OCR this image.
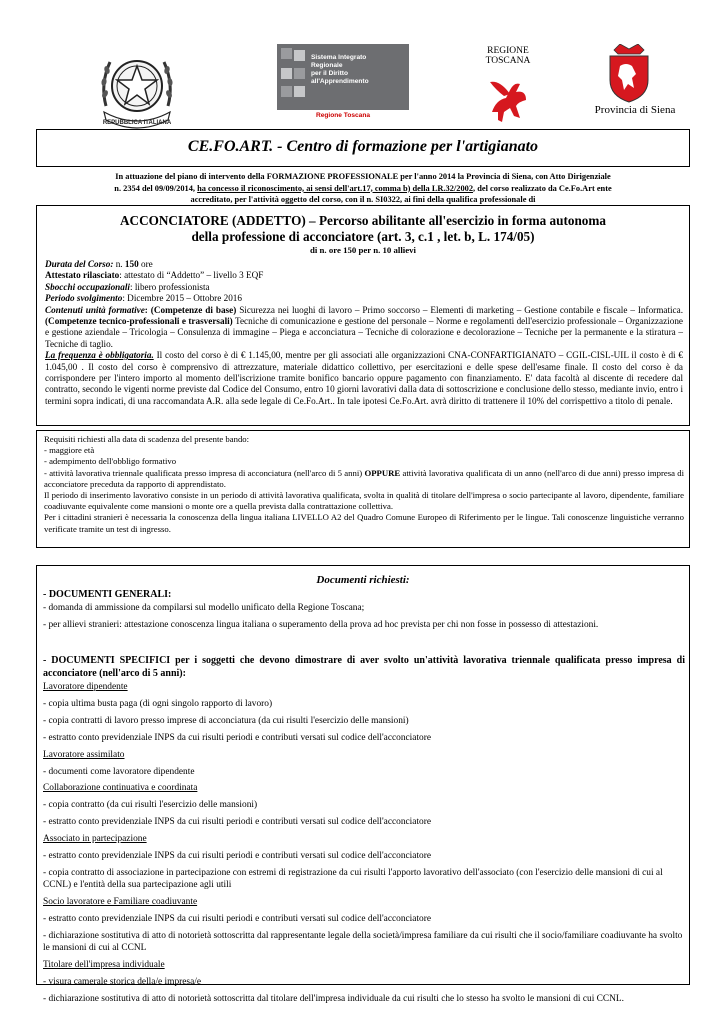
REPUBBLICA ITALIANA

Sistema Integrato
Regionale
per il Diritto
all'Apprendimento
Regione Toscana
REGIONE
TOSCANA
Provincia di Siena
CE.FO.ART. - Centro di formazione per l'artigianato
In attuazione del piano di intervento della FORMAZIONE PROFESSIONALE per l'anno 2014 la Provincia di Siena, con Atto Dirigenziale
n. 2354 del 09/09/2014, ha concesso il riconoscimento, ai sensi dell'art.17, comma b) della LR.32/2002, del corso realizzato da Ce.Fo.Art ente
accreditato, per l'attività oggetto del corso, con il n. SI0322, ai fini della qualifica professionale di
ACCONCIATORE (ADDETTO) – Percorso abilitante all'esercizio in forma autonoma
della professione di acconciatore (art. 3, c.1 , let. b, L. 174/05)
di n. ore 150 per n. 10 allievi
Durata del Corso: n. 150 ore
Attestato rilasciato: attestato di “Addetto” – livello 3 EQF
Sbocchi occupazionali: libero professionista
Periodo svolgimento: Dicembre 2015 – Ottobre 2016
Contenuti unità formative: (Competenze di base) Sicurezza nei luoghi di lavoro – Primo soccorso – Elementi di marketing – Gestione contabile e fiscale – Informatica. (Competenze tecnico-professionali e trasversali) Tecniche di comunicazione e gestione del personale – Norme e regolamenti dell'esercizio professionale – Organizzazione e gestione aziendale – Tricologia – Consulenza di immagine – Piega e acconciatura – Tecniche di colorazione e decolorazione – Tecniche per la permanente e la stiratura – Tecniche di taglio.
La frequenza è obbligatoria. Il costo del corso è di € 1.145,00, mentre per gli associati alle organizzazioni CNA-CONFARTIGIANATO – CGIL-CISL-UIL il costo è di € 1.045,00 . Il costo del corso è comprensivo di attrezzature, materiale didattico collettivo, per esercitazioni e delle spese dell'esame finale. Il costo del corso è da corrispondere per l'intero importo al momento dell'iscrizione tramite bonifico bancario oppure pagamento con finanziamento. E' data facoltà al discente di recedere dal contratto, secondo le vigenti norme previste dal Codice del Consumo, entro 10 giorni lavorativi dalla data di sottoscrizione e conclusione dello stesso, mediante invio, entro i termini sopra indicati, di una raccomandata A.R. alla sede legale di Ce.Fo.Art.. In tale ipotesi Ce.Fo.Art. avrà diritto di trattenere il 10% del corrispettivo a titolo di penale.
Requisiti richiesti alla data di scadenza del presente bando:
- maggiore età
- adempimento dell'obbligo formativo
- attività lavorativa triennale qualificata presso impresa di acconciatura (nell'arco di 5 anni) OPPURE attività lavorativa qualificata di un anno (nell'arco di due anni) presso impresa di acconciatore preceduta da rapporto di apprendistato.
Il periodo di inserimento lavorativo consiste in un periodo di attività lavorativa qualificata, svolta in qualità di titolare dell'impresa o socio partecipante al lavoro, dipendente, familiare coadiuvante equivalente come mansioni o monte ore a quella prevista dalla contrattazione collettiva.
Per i cittadini stranieri è necessaria la conoscenza della lingua italiana LIVELLO A2 del Quadro Comune Europeo di Riferimento per le lingue. Tali conoscenze linguistiche verranno verificate tramite un test di ingresso.
Documenti richiesti:
- DOCUMENTI GENERALI:
- domanda di ammissione da compilarsi sul modello unificato della Regione Toscana;
- per allievi stranieri: attestazione conoscenza lingua italiana o superamento della prova ad hoc prevista per chi non fosse in possesso di attestazioni.
- DOCUMENTI SPECIFICI per i soggetti che devono dimostrare di aver svolto un'attività lavorativa triennale qualificata presso impresa di acconciatore (nell'arco di 5 anni):
Lavoratore dipendente
- copia ultima busta paga (di ogni singolo rapporto di lavoro)
- copia contratti di lavoro presso imprese di acconciatura (da cui risulti l'esercizio delle mansioni)
- estratto conto previdenziale INPS da cui risulti periodi e contributi versati sul codice dell'acconciatore
Lavoratore assimilato
- documenti come lavoratore dipendente
Collaborazione continuativa e coordinata
- copia contratto (da cui risulti l'esercizio delle mansioni)
- estratto conto previdenziale INPS da cui risulti periodi e contributi versati sul codice dell'acconciatore
Associato in partecipazione
- estratto conto previdenziale INPS da cui risulti periodi e contributi versati sul codice dell'acconciatore
- copia contratto di associazione in partecipazione con estremi di registrazione da cui risulti l'apporto lavorativo dell'associato (con l'esercizio delle mansioni di cui al CCNL) e l'entità della sua partecipazione agli utili
Socio lavoratore e Familiare coadiuvante
- estratto conto previdenziale INPS da cui risulti periodi e contributi versati sul codice dell'acconciatore
- dichiarazione sostitutiva di atto di notorietà sottoscritta dal rappresentante legale della società/impresa familiare da cui risulti che il socio/familiare coadiuvante ha svolto le mansioni di cui al CCNL
Titolare dell'impresa individuale
- visura camerale storica della/e impresa/e
- dichiarazione sostitutiva di atto di notorietà sottoscritta dal titolare dell'impresa individuale da cui risulti che lo stesso ha svolto le mansioni di cui CCNL.
